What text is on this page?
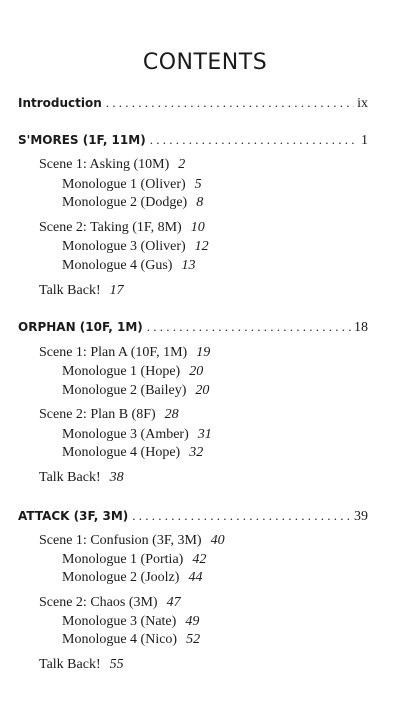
CONTENTS
Introduction . . .	ix
S'MORES (1F, 11M) . . .	1
Scene 1: Asking (10M) 2
Monologue 1 (Oliver) 5
Monologue 2 (Dodge) 8
Scene 2: Taking (1F, 8M) 10
Monologue 3 (Oliver) 12
Monologue 4 (Gus) 13
Talk Back! 17
ORPHAN (10F, 1M) . . .	18
Scene 1: Plan A (10F, 1M) 19
Monologue 1 (Hope) 20
Monologue 2 (Bailey) 20
Scene 2: Plan B (8F) 28
Monologue 3 (Amber) 31
Monologue 4 (Hope) 32
Talk Back! 38
ATTACK (3F, 3M) . . .	39
Scene 1: Confusion (3F, 3M) 40
Monologue 1 (Portia) 42
Monologue 2 (Joolz) 44
Scene 2: Chaos (3M) 47
Monologue 3 (Nate) 49
Monologue 4 (Nico) 52
Talk Back! 55
